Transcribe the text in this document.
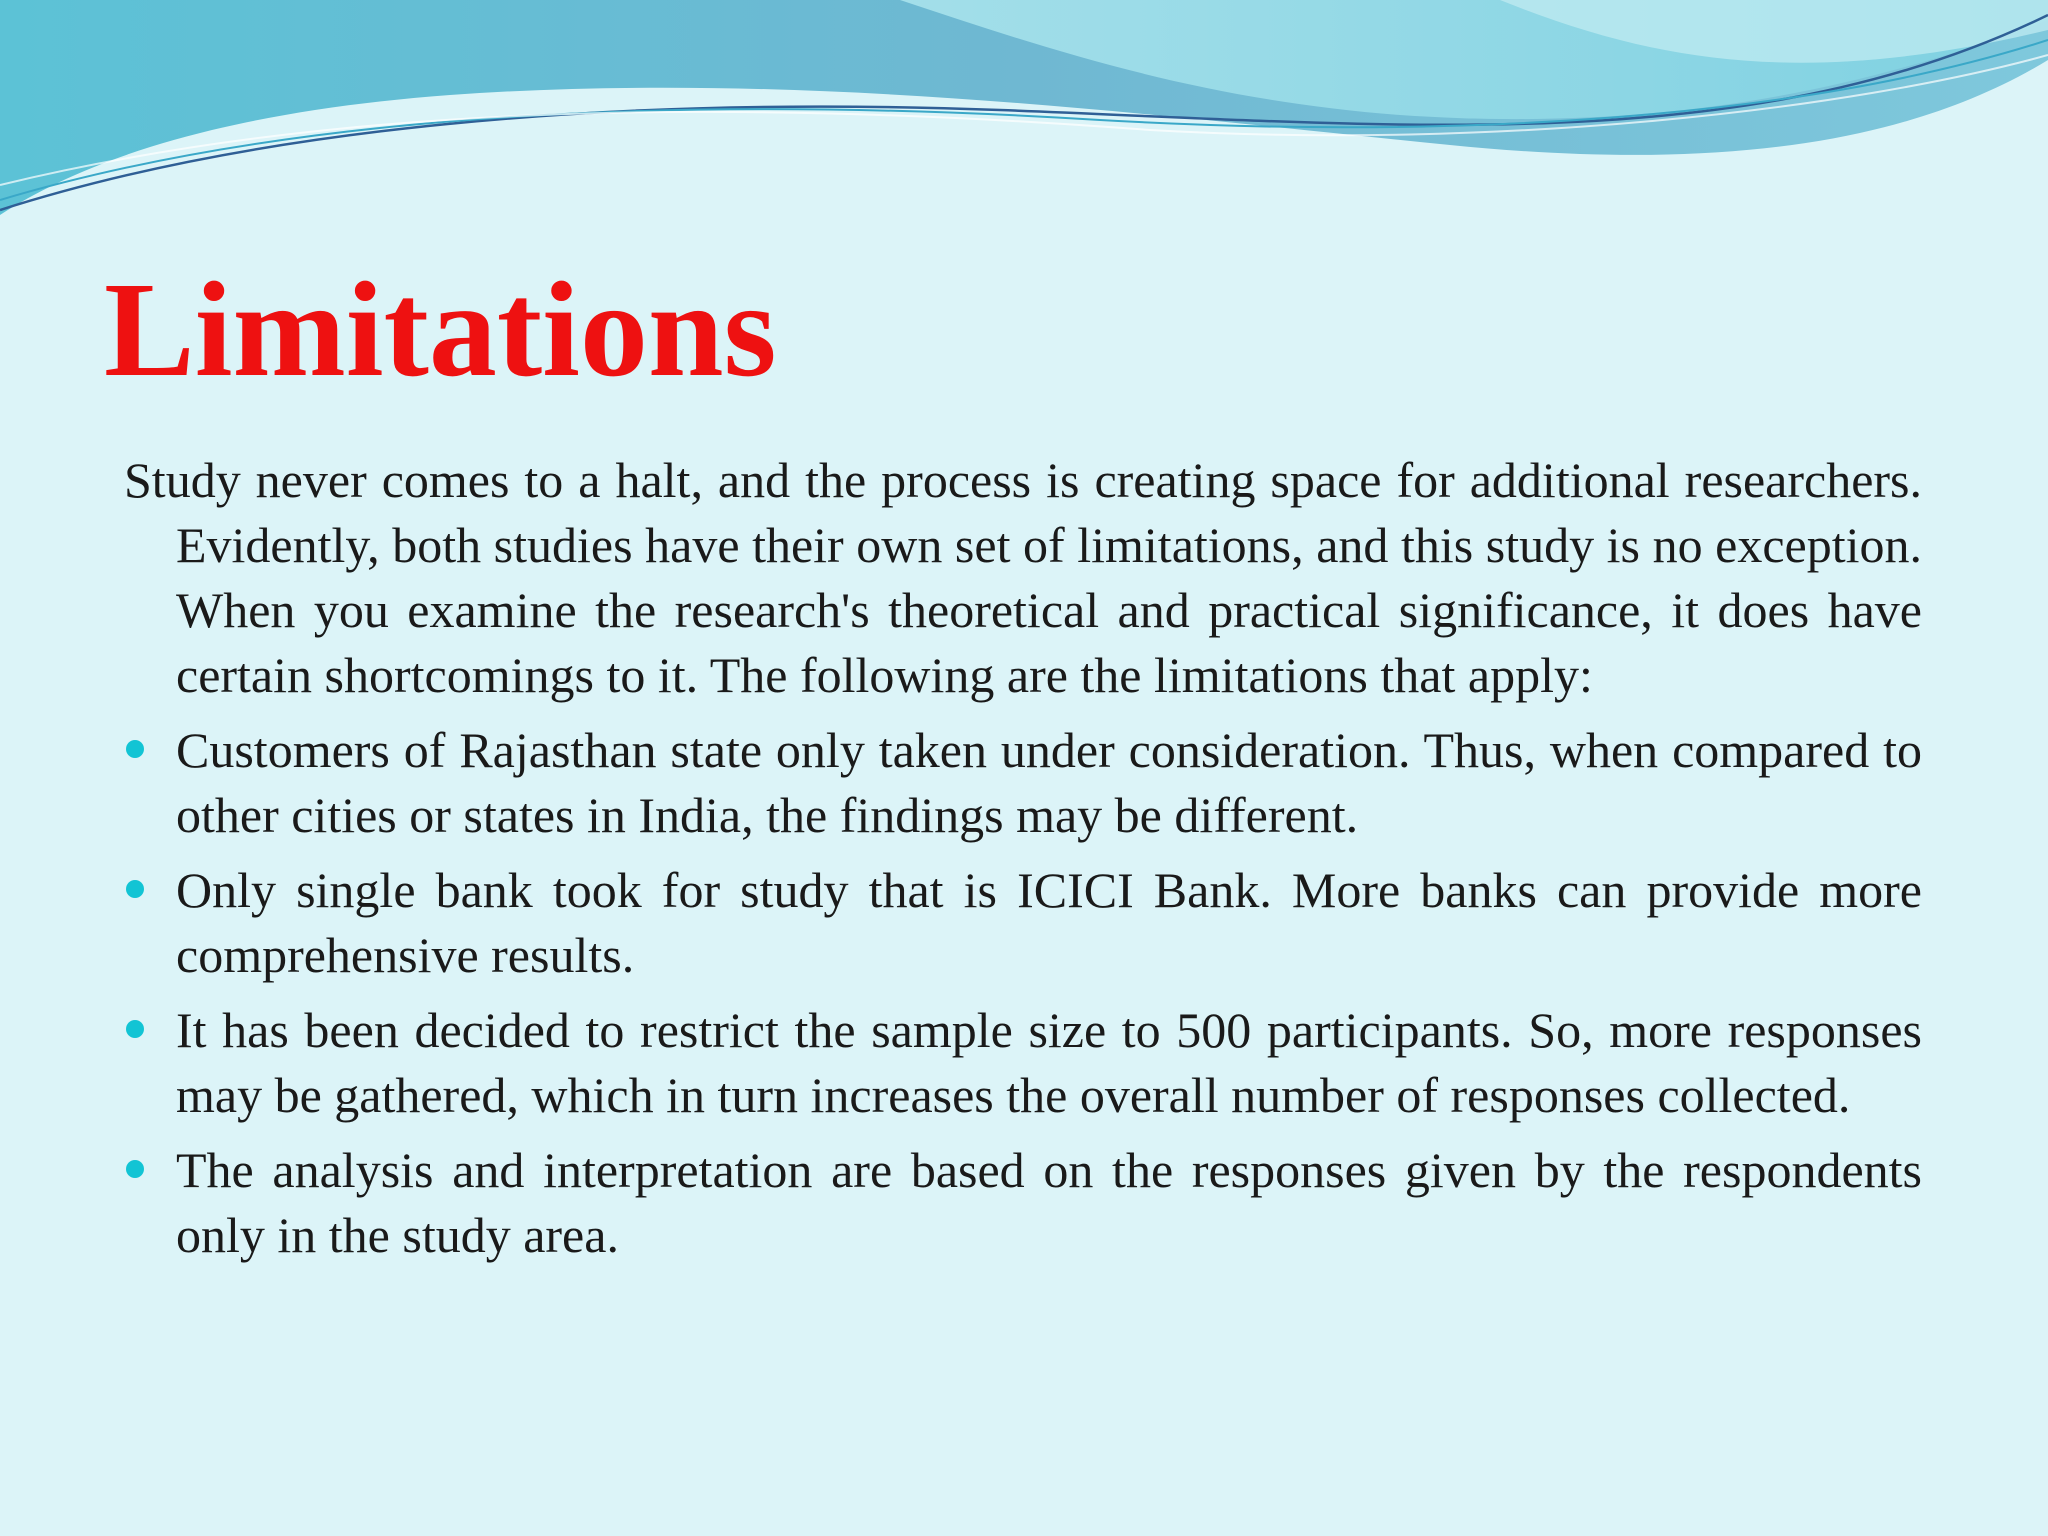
Limitations

Study never comes to a halt, and the process is creating space for additional researchers. Evidently, both studies have their own set of limitations, and this study is no exception. When you examine the research's theoretical and practical significance, it does have certain shortcomings to it. The following are the limitations that apply:

Customers of Rajasthan state only taken under consideration. Thus, when compared to other cities or states in India, the findings may be different.
Only single bank took for study that is ICICI Bank. More banks can provide more comprehensive results.
It has been decided to restrict the sample size to 500 participants. So, more responses may be gathered, which in turn increases the overall number of responses collected.
The analysis and interpretation are based on the responses given by the respondents only in the study area.
